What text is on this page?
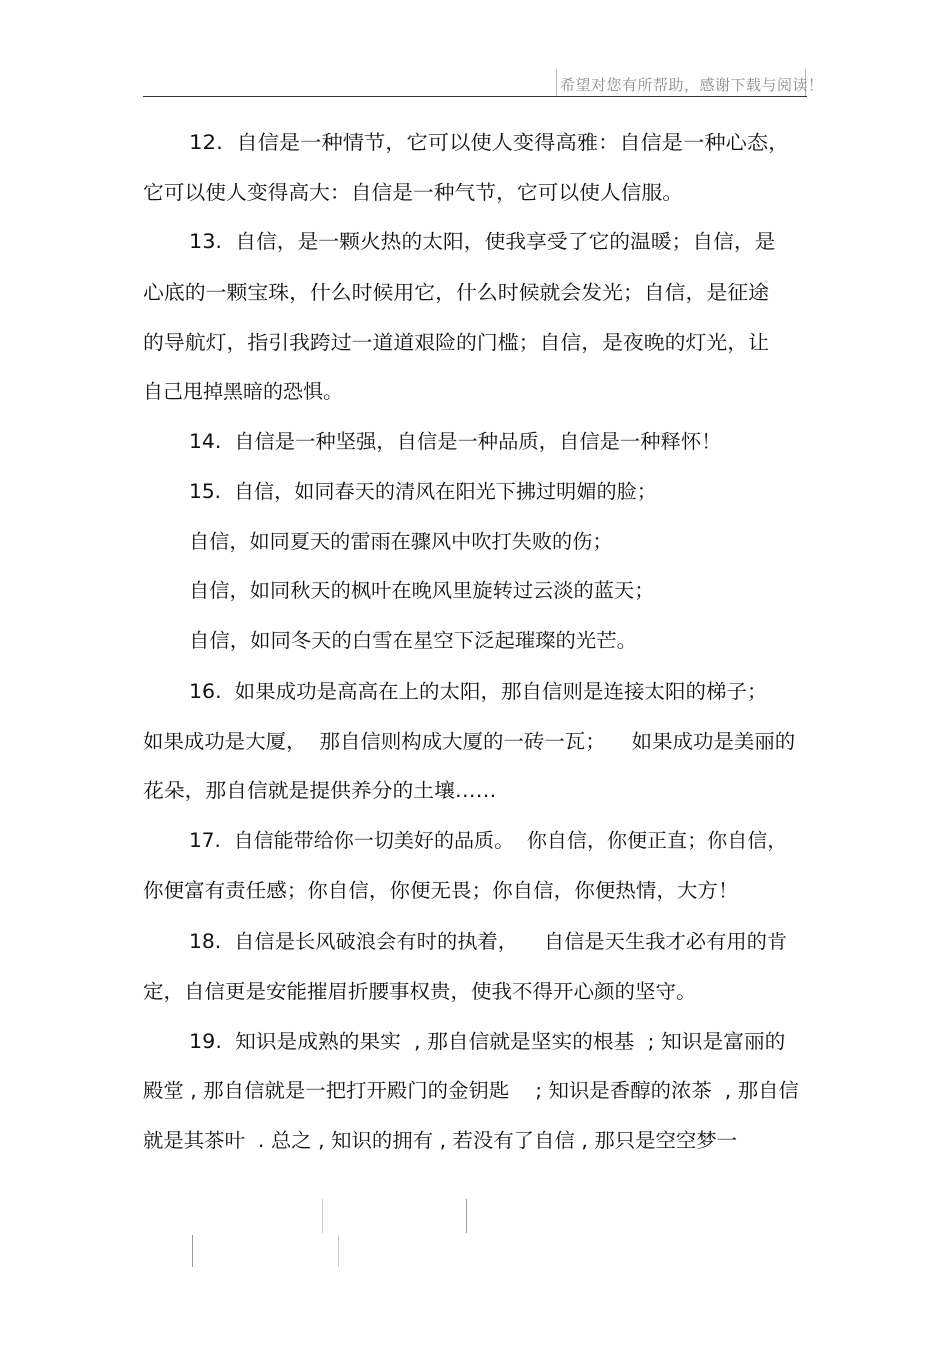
希望对您有所帮助，感谢下载与阅读！
12.  自信是一种情节，它可以使人变得高雅：自信是一种心态，
它可以使人变得高大：自信是一种气节，它可以使人信服。
13.  自信，是一颗火热的太阳，使我享受了它的温暖；自信，是
心底的一颗宝珠，什么时候用它，什么时候就会发光；自信，是征途
的导航灯，指引我跨过一道道艰险的门槛；自信，是夜晚的灯光，让
自己甩掉黑暗的恐惧。
14.  自信是一种坚强，自信是一种品质，自信是一种释怀！
15.  自信，如同春天的清风在阳光下拂过明媚的脸；
自信，如同夏天的雷雨在骤风中吹打失败的伤；
自信，如同秋天的枫叶在晚风里旋转过云淡的蓝天；
自信，如同冬天的白雪在星空下泛起璀璨的光芒。
16.  如果成功是高高在上的太阳，那自信则是连接太阳的梯子；
如果成功是大厦，  那自信则构成大厦的一砖一瓦；    如果成功是美丽的
花朵，那自信就是提供养分的土壤……
17.  自信能带给你一切美好的品质。  你自信，你便正直；你自信，
你便富有责任感；你自信，你便无畏；你自信，你便热情，大方！
18.  自信是长风破浪会有时的执着，    自信是天生我才必有用的肯
定，自信更是安能摧眉折腰事权贵，使我不得开心颜的坚守。
19.  知识是成熟的果实  , 那自信就是坚实的根基  ; 知识是富丽的
殿堂 , 那自信就是一把打开殿门的金钥匙    ; 知识是香醇的浓茶  , 那自信
就是其茶叶  . 总之 , 知识的拥有 , 若没有了自信 , 那只是空空梦一
